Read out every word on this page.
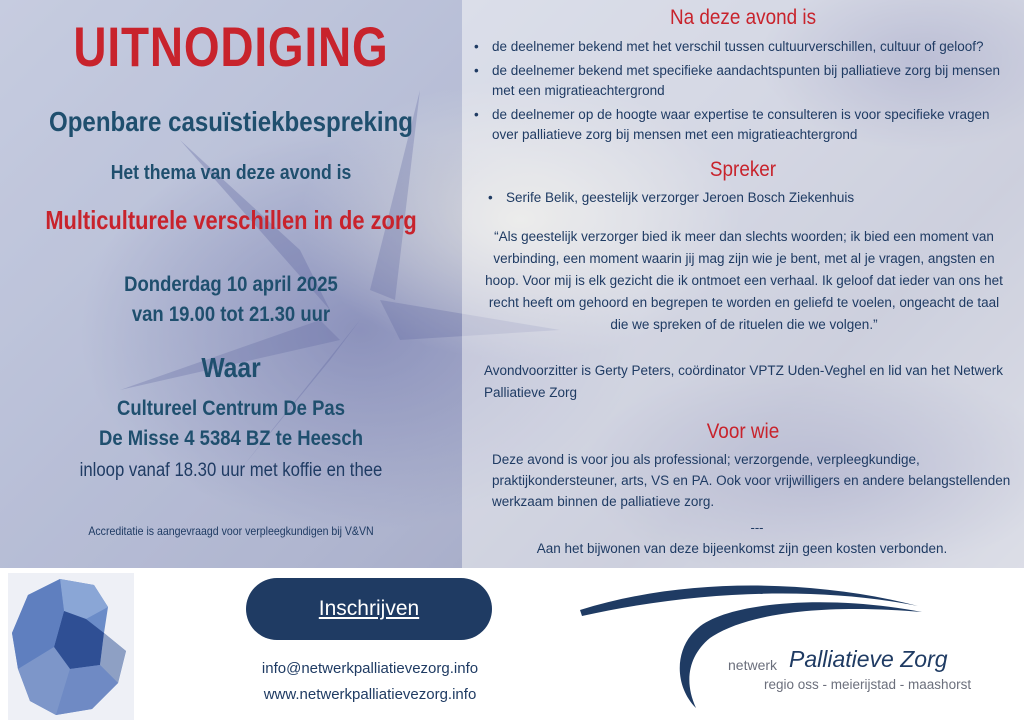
UITNODIGING
Openbare casuïstiekbespreking
Het thema van deze avond is
Multiculturele verschillen in de zorg
Donderdag 10 april 2025
van 19.00 tot 21.30 uur
Waar
Cultureel Centrum De Pas
De Misse 4 5384 BZ te Heesch
inloop vanaf 18.30 uur met koffie en thee
Accreditatie is aangevraagd voor verpleegkundigen bij V&VN
Na deze avond is
• de deelnemer bekend met het verschil tussen cultuurverschillen, cultuur of geloof?
• de deelnemer bekend met specifieke aandachtspunten bij palliatieve zorg bij mensen met een migratieachtergrond
• de deelnemer op de hoogte waar expertise te consulteren is voor specifieke vragen over palliatieve zorg bij mensen met een migratieachtergrond
Spreker
• Serife Belik, geestelijk verzorger Jeroen Bosch Ziekenhuis
“Als geestelijk verzorger bied ik meer dan slechts woorden; ik bied een moment van verbinding, een moment waarin jij mag zijn wie je bent, met al je vragen, angsten en hoop. Voor mij is elk gezicht die ik ontmoet een verhaal. Ik geloof dat ieder van ons het recht heeft om gehoord en begrepen te worden en geliefd te voelen, ongeacht de taal die we spreken of de rituelen die we volgen.”
Avondvoorzitter is Gerty Peters, coördinator VPTZ Uden-Veghel en lid van het Netwerk Palliatieve Zorg
Voor wie
Deze avond is voor jou als professional; verzorgende, verpleegkundige, praktijkondersteuner, arts, VS en PA. Ook voor vrijwilligers en andere belangstellenden werkzaam binnen de palliatieve zorg.
---
Aan het bijwonen van deze bijeenkomst zijn geen kosten verbonden.
Inschrijven
info@netwerkpalliatievezorg.info
www.netwerkpalliatievezorg.info
netwerk Palliatieve Zorg
regio oss - meierijstad - maashorst
